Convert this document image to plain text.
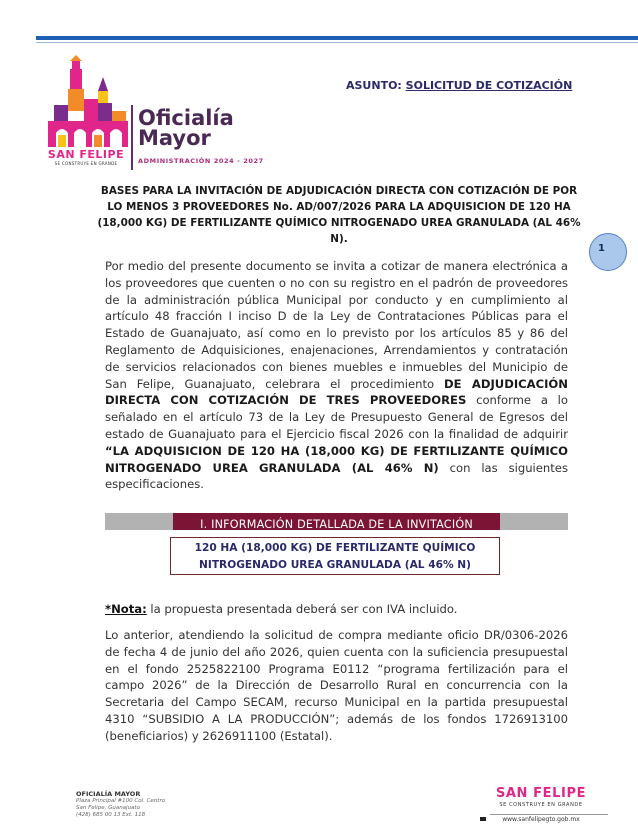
SAN FELIPE
SE CONSTRUYE EN GRANDE
Oficialía Mayor
ADMINISTRACIÓN 2024 - 2027
ASUNTO: SOLICITUD DE COTIZACIÓN
BASES PARA LA INVITACIÓN DE ADJUDICACIÓN DIRECTA CON COTIZACIÓN DE POR LO MENOS 3 PROVEEDORES No. AD/007/2026 PARA LA ADQUISICION DE 120 HA (18,000 KG) DE FERTILIZANTE QUÍMICO NITROGENADO UREA GRANULADA (AL 46% N).
1
Por medio del presente documento se invita a cotizar de manera electrónica a los proveedores que cuenten o no con su registro en el padrón de proveedores de la administración pública Municipal por conducto y en cumplimiento al artículo 48 fracción I inciso D de la Ley de Contrataciones Públicas para el Estado de Guanajuato, así como en lo previsto por los artículos 85 y 86 del Reglamento de Adquisiciones, enajenaciones, Arrendamientos y contratación de servicios relacionados con bienes muebles e inmuebles del Municipio de San Felipe, Guanajuato, celebrara el procedimiento DE ADJUDICACIÓN DIRECTA CON COTIZACIÓN DE TRES PROVEEDORES conforme a lo señalado en el artículo 73 de la Ley de Presupuesto General de Egresos del estado de Guanajuato para el Ejercicio fiscal 2026 con la finalidad de adquirir “LA ADQUISICION DE 120 HA (18,000 KG) DE FERTILIZANTE QUÍMICO NITROGENADO UREA GRANULADA (AL 46% N) con las siguientes especificaciones.
I. INFORMACIÓN DETALLADA DE LA INVITACIÓN
120 HA (18,000 KG) DE FERTILIZANTE QUÍMICO
NITROGENADO UREA GRANULADA (AL 46% N)
*Nota: la propuesta presentada deberá ser con IVA incluido.
Lo anterior, atendiendo la solicitud de compra mediante oficio DR/0306-2026 de fecha 4 de junio del año 2026, quien cuenta con la suficiencia presupuestal en el fondo 2525822100 Programa E0112 “programa fertilización para el campo 2026” de la Dirección de Desarrollo Rural en concurrencia con la Secretaria del Campo SECAM, recurso Municipal en la partida presupuestal 4310 “SUBSIDIO A LA PRODUCCIÓN”; además de los fondos 1726913100 (beneficiarios) y 2626911100 (Estatal).
OFICIALÍA MAYOR
Plaza Principal #100 Col. Centro
San Felipe, Guanajuato
(428) 685 00 13 Ext. 118
SAN FELIPE
SE CONSTRUYE EN GRANDE
www.sanfelipegto.gob.mx
